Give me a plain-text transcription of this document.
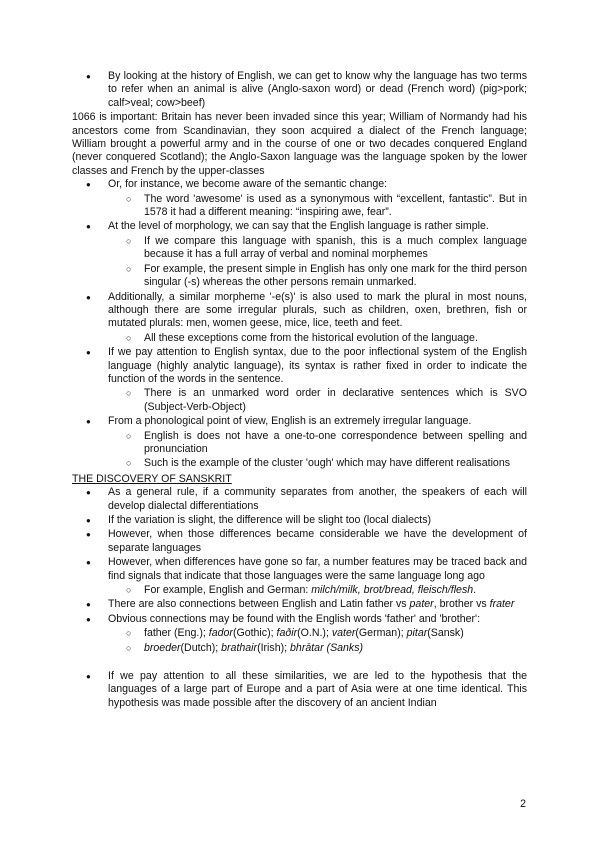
● By looking at the history of English, we can get to know why the language has two terms to refer when an animal is alive (Anglo-saxon word) or dead (French word) (pig>pork; calf>veal; cow>beef)

1066 is important: Britain has never been invaded since this year; William of Normandy had his ancestors come from Scandinavian, they soon acquired a dialect of the French language; William brought a powerful army and in the course of one or two decades conquered England (never conquered Scotland); the Anglo-Saxon language was the language spoken by the lower classes and French by the upper-classes

● Or, for instance, we become aware of the semantic change:
○ The word 'awesome' is used as a synonymous with “excellent, fantastic”. But in 1578 it had a different meaning: “inspiring awe, fear”.
● At the level of morphology, we can say that the English language is rather simple.
○ If we compare this language with spanish, this is a much complex language because it has a full array of verbal and nominal morphemes
○ For example, the present simple in English has only one mark for the third person singular (-s) whereas the other persons remain unmarked.
● Additionally, a similar morpheme '-e(s)' is also used to mark the plural in most nouns, although there are some irregular plurals, such as children, oxen, brethren, fish or mutated plurals: men, women geese, mice, lice, teeth and feet.
○ All these exceptions come from the historical evolution of the language.
● If we pay attention to English syntax, due to the poor inflectional system of the English language (highly analytic language), its syntax is rather fixed in order to indicate the function of the words in the sentence.
○ There is an unmarked word order in declarative sentences which is SVO (Subject-Verb-Object)
● From a phonological point of view, English is an extremely irregular language.
○ English is does not have a one-to-one correspondence between spelling and pronunciation
○ Such is the example of the cluster 'ough' which may have different realisations
THE DISCOVERY OF SANSKRIT
● As a general rule, if a community separates from another, the speakers of each will develop dialectal differentiations
● If the variation is slight, the difference will be slight too (local dialects)
● However, when those differences became considerable we have the development of separate languages
● However, when differences have gone so far, a number features may be traced back and find signals that indicate that those languages were the same language long ago
○ For example, English and German: milch/milk, brot/bread, fleisch/flesh.
● There are also connections between English and Latin father vs pater, brother vs frater
● Obvious connections may be found with the English words 'father' and 'brother':
○ father (Eng.); fador(Gothic); faðir(O.N.); vater(German); pitar(Sansk)
○ broeder(Dutch); brathair(Irish); bhrātar (Sanks)
● If we pay attention to all these similarities, we are led to the hypothesis that the languages of a large part of Europe and a part of Asia were at one time identical. This hypothesis was made possible after the discovery of an ancient Indian
2
